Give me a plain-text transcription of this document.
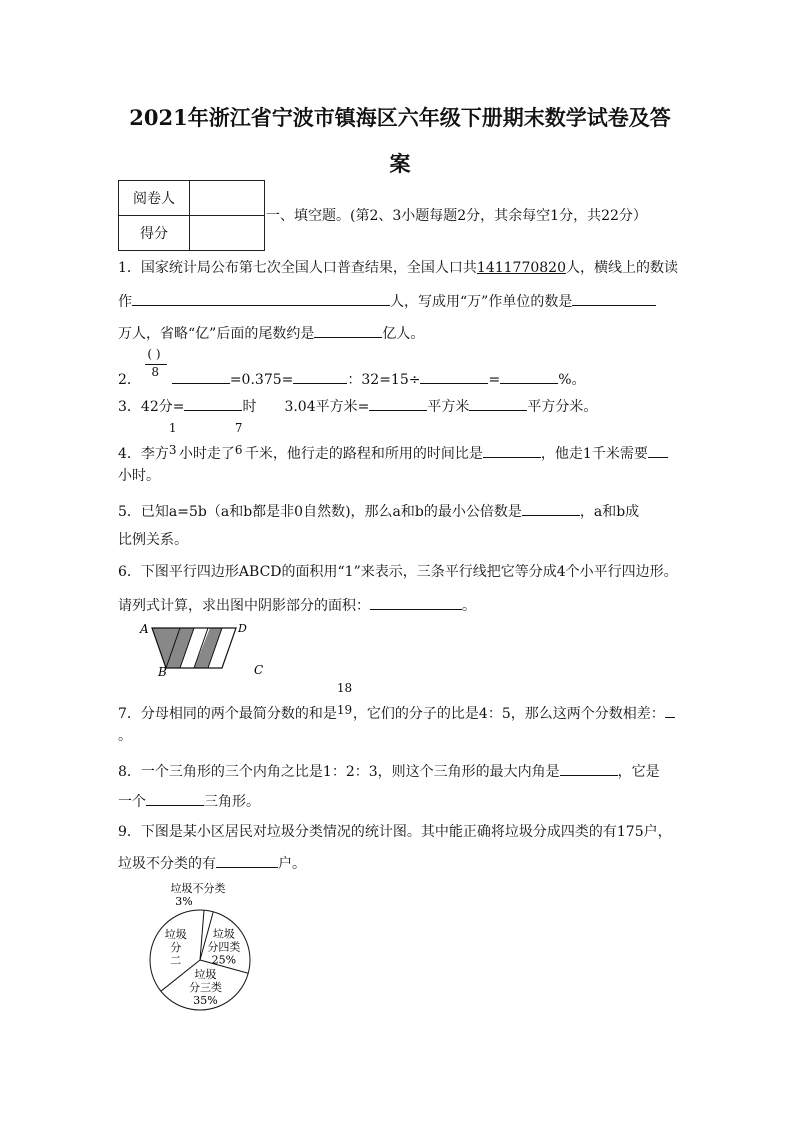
2021年浙江省宁波市镇海区六年级下册期末数学试卷及答
案
阅卷人	
得分	
一、填空题。(第2、3小题每题2分，其余每空1分，共22分）
1．国家统计局公布第七次全国人口普查结果，全国人口共1411770820人，横线上的数读
作	人，写成用“万”作单位的数是
万人，省略“亿”后面的尾数约是	亿人。
2． $\frac{( )}{8}$	=0.375=	：32=15÷	=	%。
3．42分=	时 3.04平方米=	平方米	平方分米。
4．李方
1
3 小时走了
7
6 千米，他行走的路程和所用的时间比是	，他走1千米需要
小时。
5．已知a=5b（a和b都是非0自然数)，那么a和b的最小公倍数是	，a和b成
比例关系。
6．下图平行四边形ABCD的面积用“1”来表示，三条平行线把它等分成4个小平行四边形。
请列式计算，求出图中阴影部分的面积：	。
A	D
B	C
7．分母相同的两个最简分数的和是
18
19 ，它们的分子的比是4：5，那么这两个分数相差：
。
8．一个三角形的三个内角之比是1：2：3，则这个三角形的最大内角是	，它是
一个	三角形。
9．下图是某小区居民对垃圾分类情况的统计图。其中能正确将垃圾分成四类的有175户，
垃圾不分类的有	户。
垃圾不分类
3%
垃圾
分四类
25%
垃圾
分三类
35%
垃圾
分
二
